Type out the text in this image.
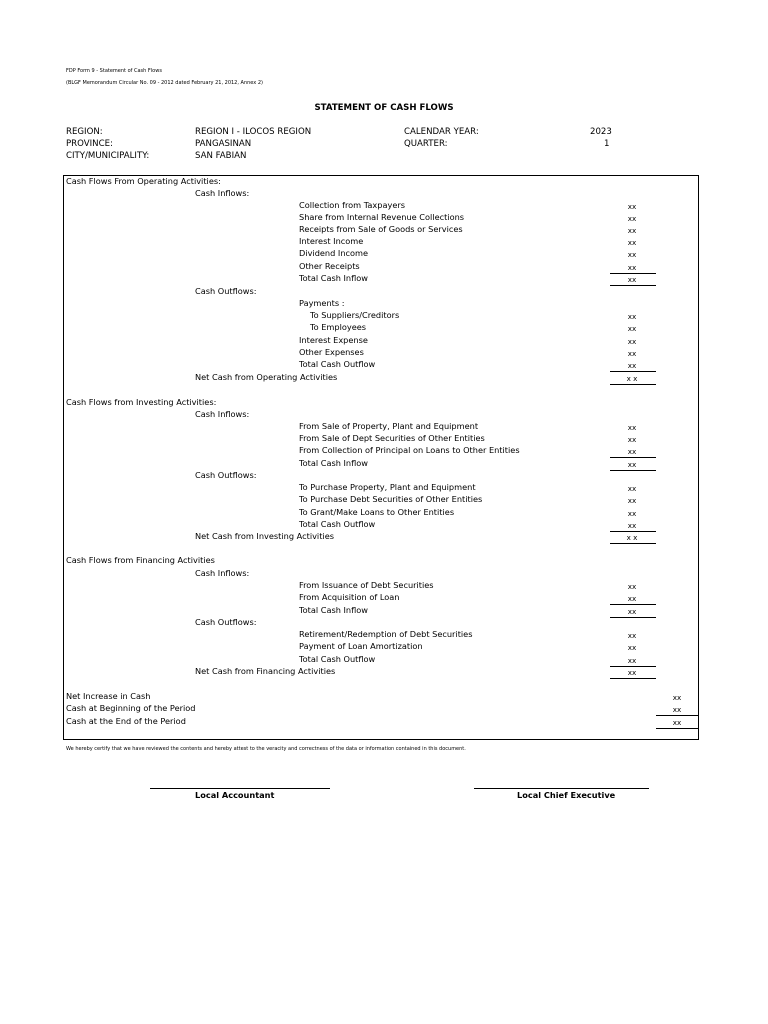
FDP Form 9 - Statement of Cash Flows
(BLGF Memorandum Circular No. 09 - 2012 dated February 21, 2012, Annex 2)
STATEMENT OF CASH FLOWS
REGION:	REGION I - ILOCOS REGION	CALENDAR YEAR:	2023
PROVINCE:	PANGASINAN	QUARTER:	1
CITY/MUNICIPALITY:	SAN FABIAN
Cash Flows From Operating Activities:
Cash Inflows:
Collection from Taxpayers	xx
Share from Internal Revenue Collections	xx
Receipts from Sale of Goods or Services	xx
Interest Income	xx
Dividend Income	xx
Other Receipts	xx
Total Cash Inflow	xx
Cash Outflows:
Payments :
To Suppliers/Creditors	xx
To Employees	xx
Interest Expense	xx
Other Expenses	xx
Total Cash Outflow	xx
Net Cash from Operating Activities	x x
Cash Flows from Investing Activities:
Cash Inflows:
From Sale of Property, Plant and Equipment	xx
From Sale of Dept Securities of Other Entities	xx
From Collection of Principal on Loans to Other Entities	xx
Total Cash Inflow	xx
Cash Outflows:
To Purchase Property, Plant and Equipment	xx
To Purchase Debt Securities of Other Entities	xx
To Grant/Make Loans to Other Entities	xx
Total Cash Outflow	xx
Net Cash from Investing Activities	x x
Cash Flows from Financing Activities
Cash Inflows:
From Issuance of Debt Securities	xx
From Acquisition of Loan	xx
Total Cash Inflow	xx
Cash Outflows:
Retirement/Redemption of Debt Securities	xx
Payment of Loan Amortization	xx
Total Cash Outflow	xx
Net Cash from Financing Activities	xx
Net Increase in Cash	xx
Cash at Beginning of the Period	xx
Cash at the End of the Period	xx
We hereby certify that we have reviewed the contents and hereby attest to the veracity and correctness of the data or information contained in this document.
Local Accountant	Local Chief Executive
